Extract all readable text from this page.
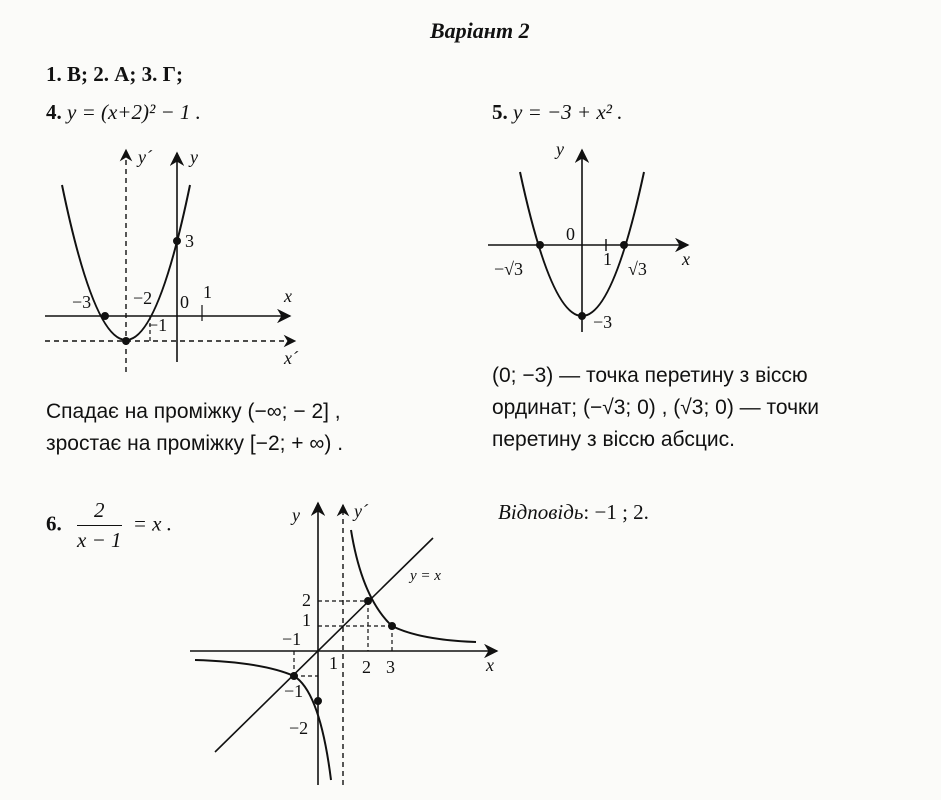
Варіант 2
1. В; 2. А; 3. Г;
4. y = (x+2)² − 1 .	5. y = −3 + x² .
Спадає на проміжку (−∞; − 2] ,
зростає на проміжку [−2; + ∞) .
(0; −3) — точка перетину з віссю
ординат; (−√3; 0) , (√3; 0) — точки
перетину з віссю абсцис.
6. $\frac{2}{x - 1} = x$ .	Відповідь: −1 ; 2.
x
x´
y
y´
−3 −2
−1
0 1
3
x
y
0
1
−√3	√3
−3
x
y	y´
y = x
2
1
−1
1 2 3
−1
−2
